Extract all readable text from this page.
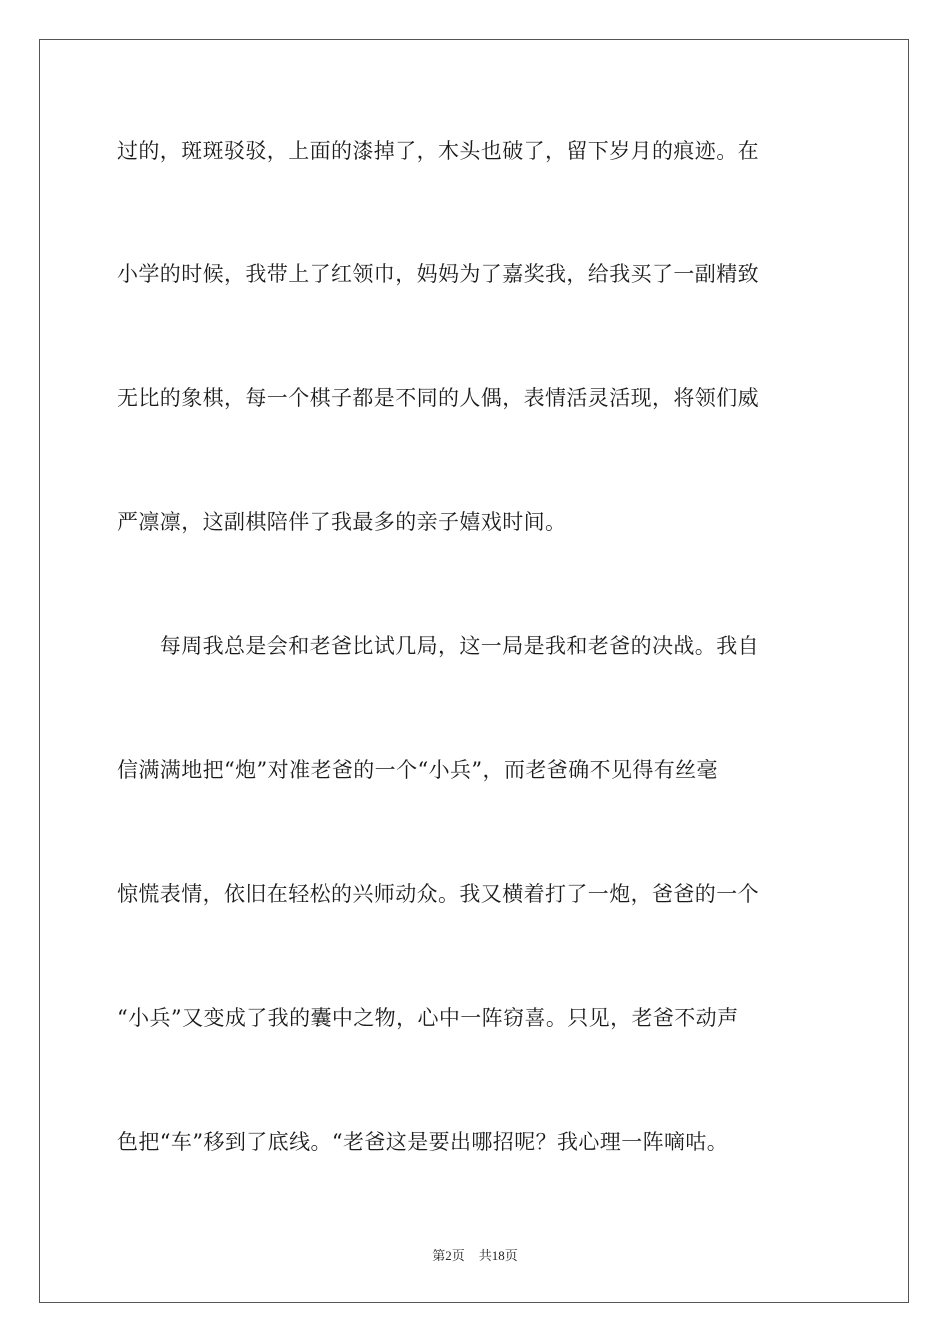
过的，斑斑驳驳，上面的漆掉了，木头也破了，留下岁月的痕迹。在
小学的时候，我带上了红领巾，妈妈为了嘉奖我，给我买了一副精致
无比的象棋，每一个棋子都是不同的人偶，表情活灵活现，将领们威
严凛凛，这副棋陪伴了我最多的亲子嬉戏时间。
　　每周我总是会和老爸比试几局，这一局是我和老爸的决战。我自
信满满地把“炮”对准老爸的一个“小兵”，而老爸确不见得有丝毫
惊慌表情，依旧在轻松的兴师动众。我又横着打了一炮，爸爸的一个
“小兵”又变成了我的囊中之物，心中一阵窃喜。只见，老爸不动声
色把“车”移到了底线。“老爸这是要出哪招呢？我心理一阵嘀咕。
第2页 共18页
